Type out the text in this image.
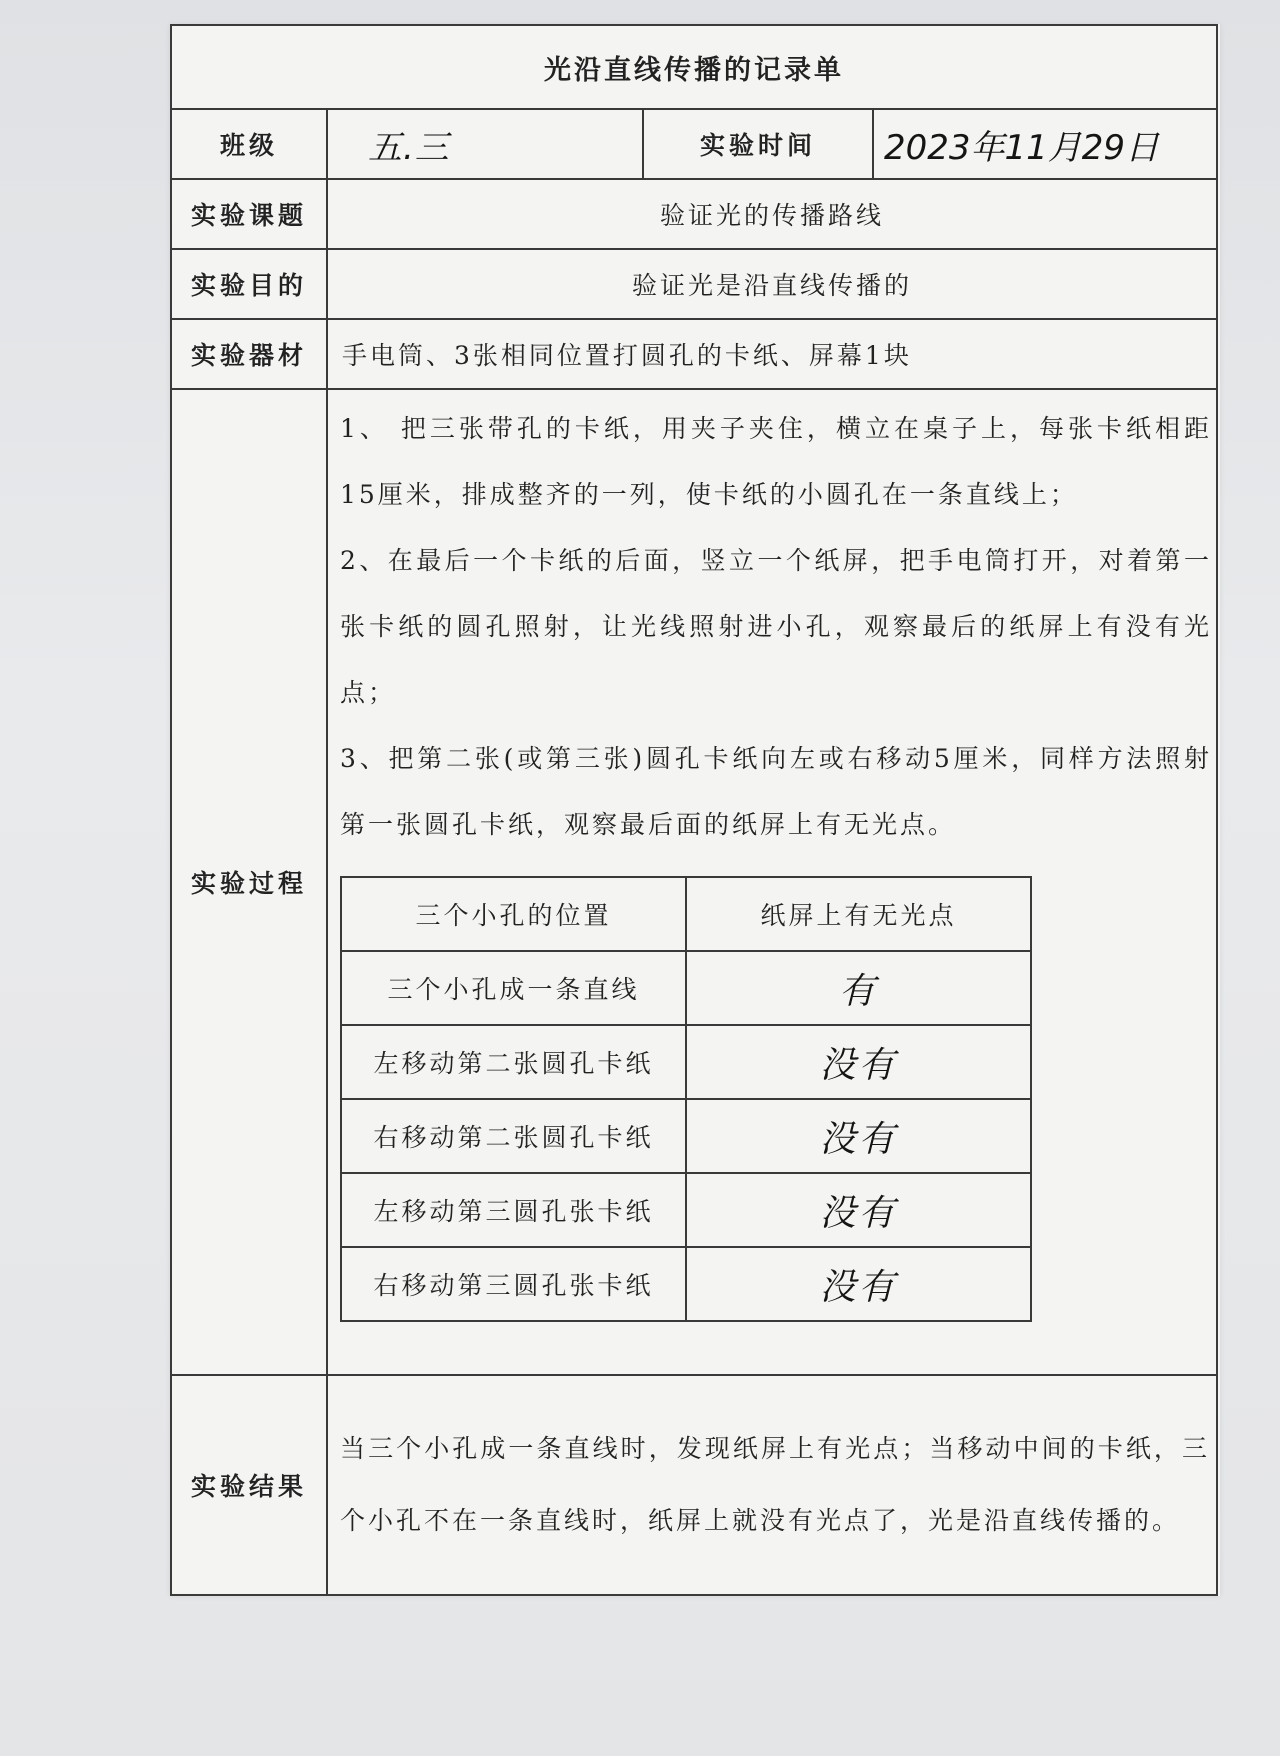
光沿直线传播的记录单
班级	五.三	实验时间	2023年11月29日
实验课题	验证光的传播路线
实验目的	验证光是沿直线传播的
实验器材	手电筒、3张相同位置打圆孔的卡纸、屏幕1块
实验过程	

1、 把三张带孔的卡纸，用夹子夹住，横立在桌子上，每张卡纸相距15厘米，排成整齐的一列，使卡纸的小圆孔在一条直线上；

2、在最后一个卡纸的后面，竖立一个纸屏，把手电筒打开，对着第一张卡纸的圆孔照射，让光线照射进小孔，观察最后的纸屏上有没有光点；

3、把第二张(或第三张)圆孔卡纸向左或右移动5厘米，同样方法照射第一张圆孔卡纸，观察最后面的纸屏上有无光点。

三个小孔的位置	纸屏上有无光点
三个小孔成一条直线	有
左移动第二张圆孔卡纸	没有
右移动第二张圆孔卡纸	没有
左移动第三圆孔张卡纸	没有
右移动第三圆孔张卡纸	没有

实验结果	当三个小孔成一条直线时，发现纸屏上有光点；当移动中间的卡纸，三个小孔不在一条直线时，纸屏上就没有光点了，光是沿直线传播的。
